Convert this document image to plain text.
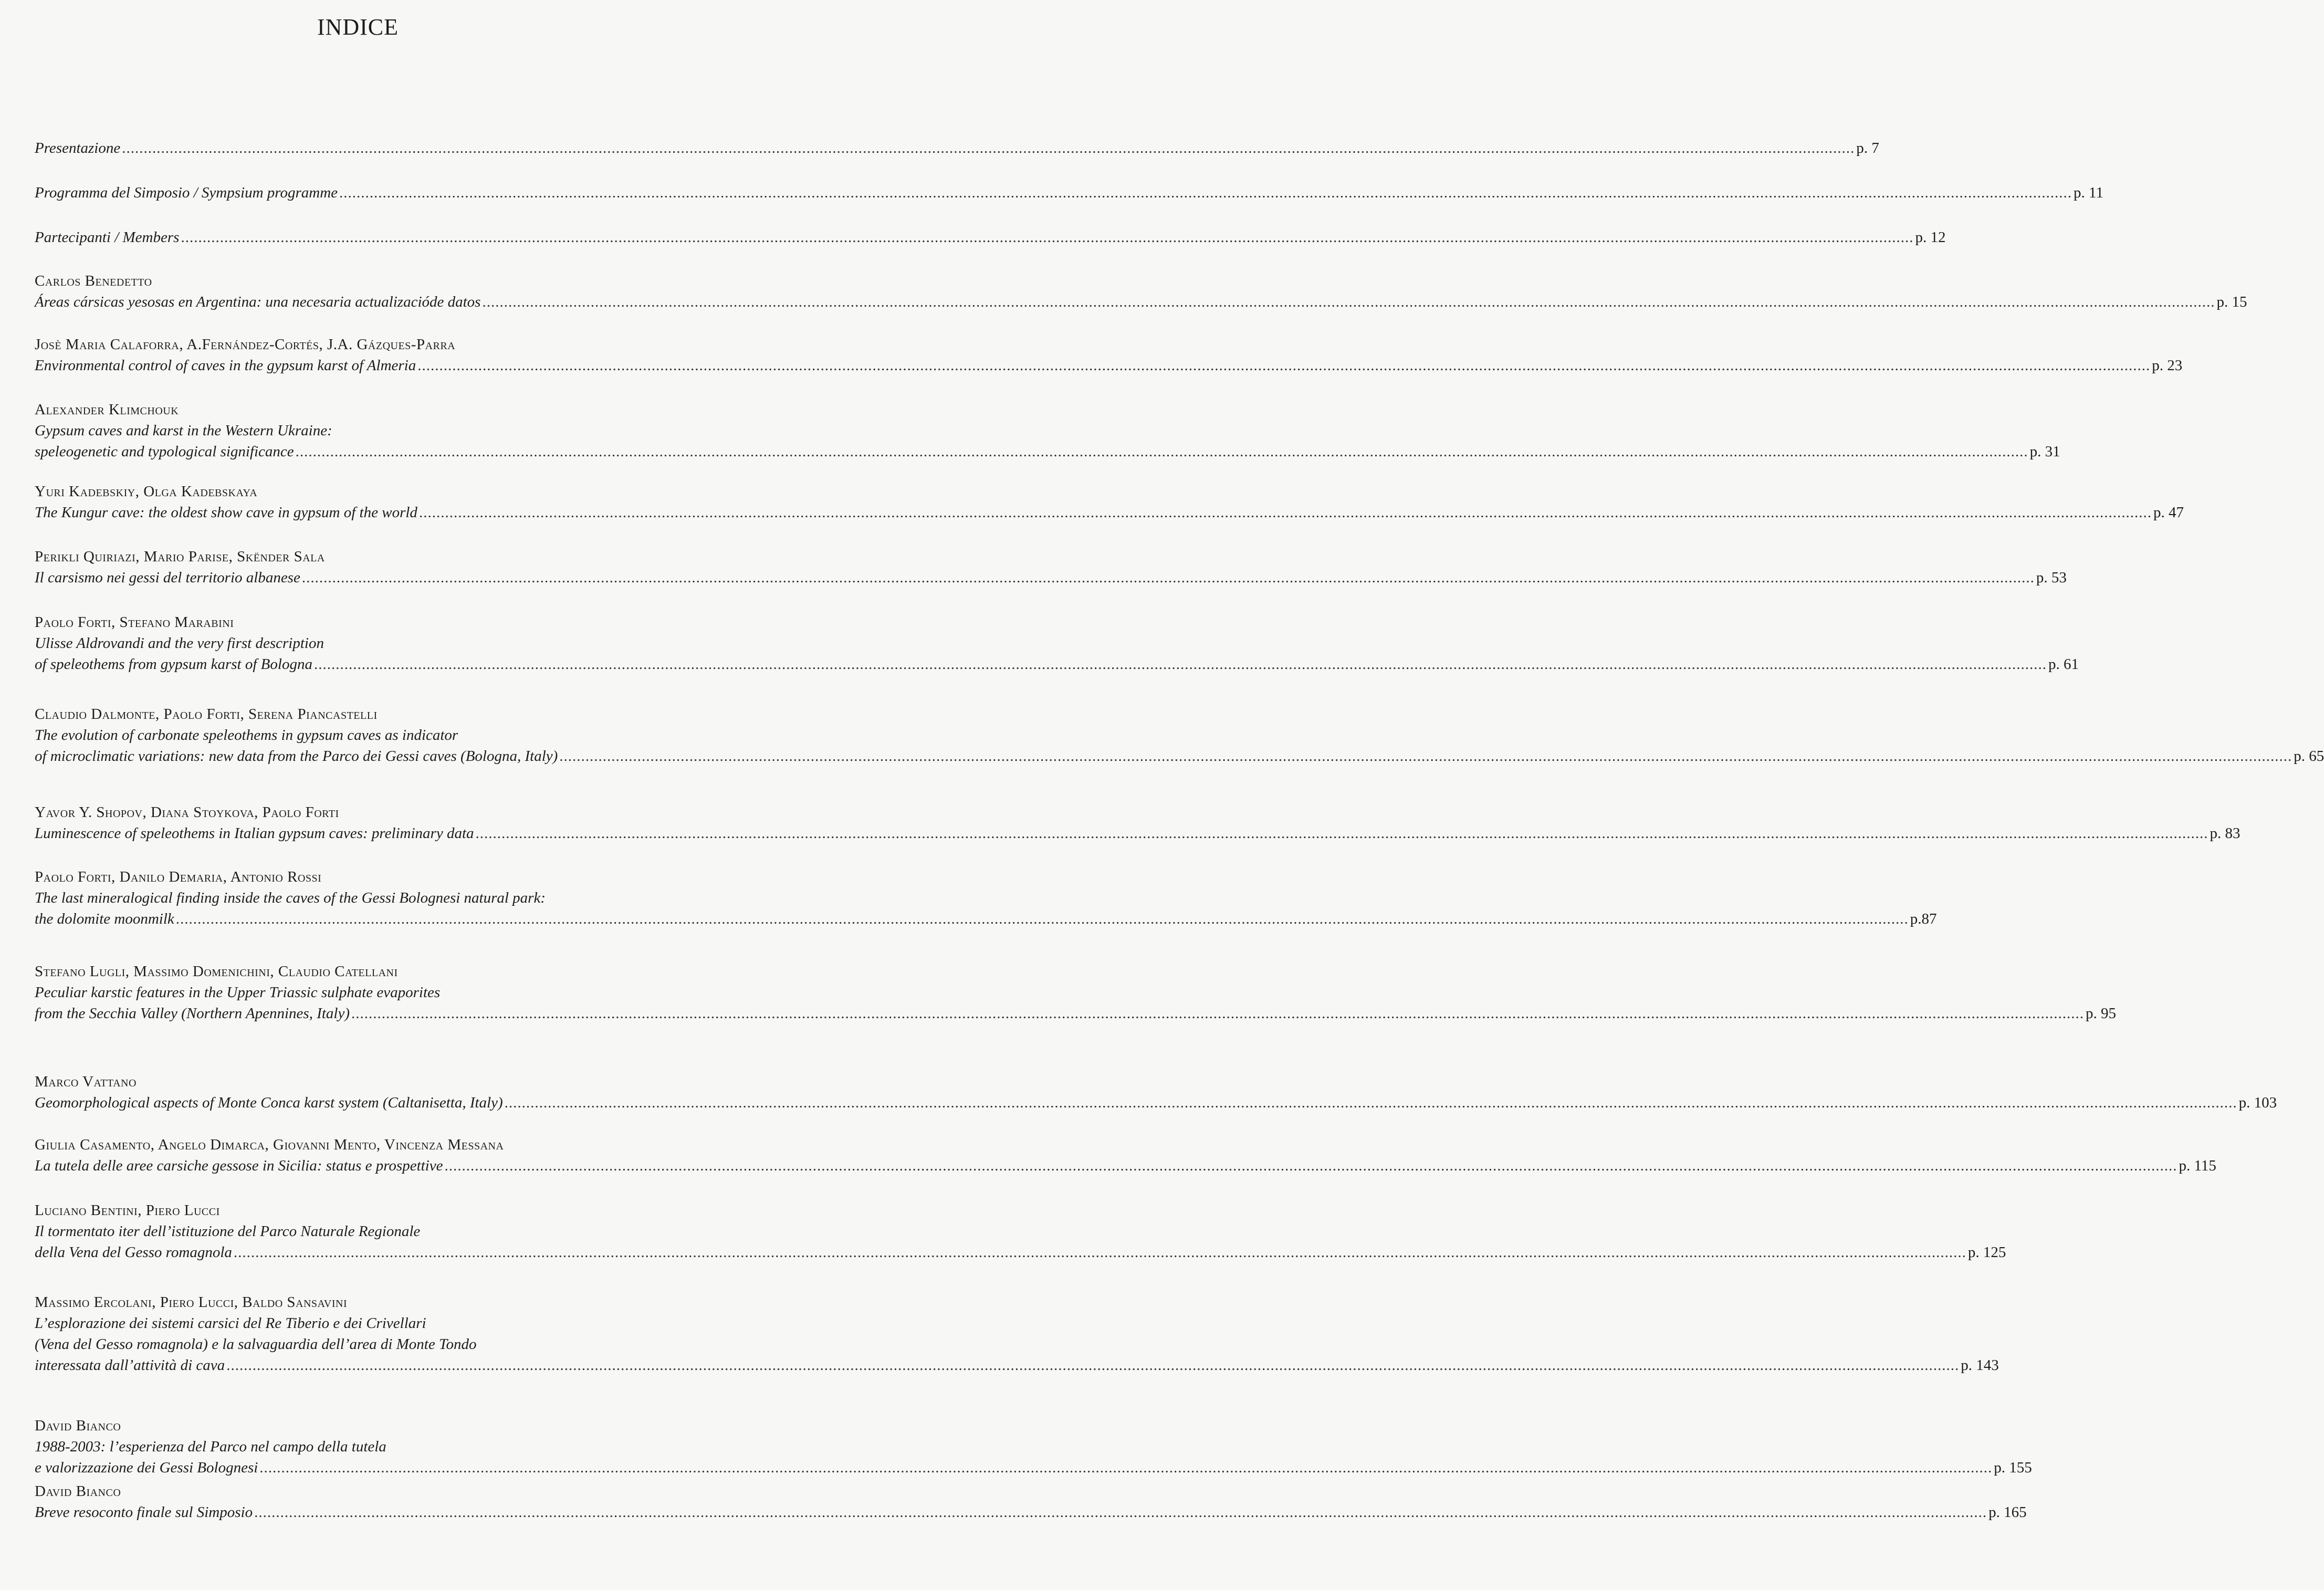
INDICE
Presentazione ................................................................................................................................................................................................................................................................................................................................................................................................................ p. 7
Programma del Simposio / Sympsium programme ................................................................................................................................................................................................................................................................................................................................................................................................................ p. 11
Partecipanti / Members ................................................................................................................................................................................................................................................................................................................................................................................................................ p. 12
Carlos Benedetto
Áreas cársicas yesosas en Argentina: una necesaria actualizacióde datos ................................................................................................................................................................................................................................................................................................................................................................................................................ p. 15
Josè Maria Calaforra, A.Fernández-Cortés, J.A. Gázques-Parra
Environmental control of caves in the gypsum karst of Almeria ................................................................................................................................................................................................................................................................................................................................................................................................................ p. 23
Alexander Klimchouk
Gypsum caves and karst in the Western Ukraine:
speleogenetic and typological significance ................................................................................................................................................................................................................................................................................................................................................................................................................ p. 31
Yuri Kadebskiy, Olga Kadebskaya
The Kungur cave: the oldest show cave in gypsum of the world ................................................................................................................................................................................................................................................................................................................................................................................................................ p. 47
Perikli Quiriazi, Mario Parise, Skënder Sala
Il carsismo nei gessi del territorio albanese ................................................................................................................................................................................................................................................................................................................................................................................................................ p. 53
Paolo Forti, Stefano Marabini
Ulisse Aldrovandi and the very first description
of speleothems from gypsum karst of Bologna ................................................................................................................................................................................................................................................................................................................................................................................................................ p. 61
Claudio Dalmonte, Paolo Forti, Serena Piancastelli
The evolution of carbonate speleothems in gypsum caves as indicator
of microclimatic variations: new data from the Parco dei Gessi caves (Bologna, Italy) ................................................................................................................................................................................................................................................................................................................................................................................................................ p. 65
Yavor Y. Shopov, Diana Stoykova, Paolo Forti
Luminescence of speleothems in Italian gypsum caves: preliminary data ................................................................................................................................................................................................................................................................................................................................................................................................................ p. 83
Paolo Forti, Danilo Demaria, Antonio Rossi
The last mineralogical finding inside the caves of the Gessi Bolognesi natural park:
the dolomite moonmilk ................................................................................................................................................................................................................................................................................................................................................................................................................ p.87
Stefano Lugli, Massimo Domenichini, Claudio Catellani
Peculiar karstic features in the Upper Triassic sulphate evaporites
from the Secchia Valley (Northern Apennines, Italy) ................................................................................................................................................................................................................................................................................................................................................................................................................ p. 95
Marco Vattano
Geomorphological aspects of Monte Conca karst system (Caltanisetta, Italy) ................................................................................................................................................................................................................................................................................................................................................................................................................ p. 103
Giulia Casamento, Angelo Dimarca, Giovanni Mento, Vincenza Messana
La tutela delle aree carsiche gessose in Sicilia: status e prospettive ................................................................................................................................................................................................................................................................................................................................................................................................................ p. 115
Luciano Bentini, Piero Lucci
Il tormentato iter dell’istituzione del Parco Naturale Regionale
della Vena del Gesso romagnola ................................................................................................................................................................................................................................................................................................................................................................................................................ p. 125
Massimo Ercolani, Piero Lucci, Baldo Sansavini
L’esplorazione dei sistemi carsici del Re Tiberio e dei Crivellari
(Vena del Gesso romagnola) e la salvaguardia dell’area di Monte Tondo
interessata dall’attività di cava ................................................................................................................................................................................................................................................................................................................................................................................................................ p. 143
David Bianco
1988-2003: l’esperienza del Parco nel campo della tutela
e valorizzazione dei Gessi Bolognesi ................................................................................................................................................................................................................................................................................................................................................................................................................ p. 155
David Bianco
Breve resoconto finale sul Simposio ................................................................................................................................................................................................................................................................................................................................................................................................................ p. 165
